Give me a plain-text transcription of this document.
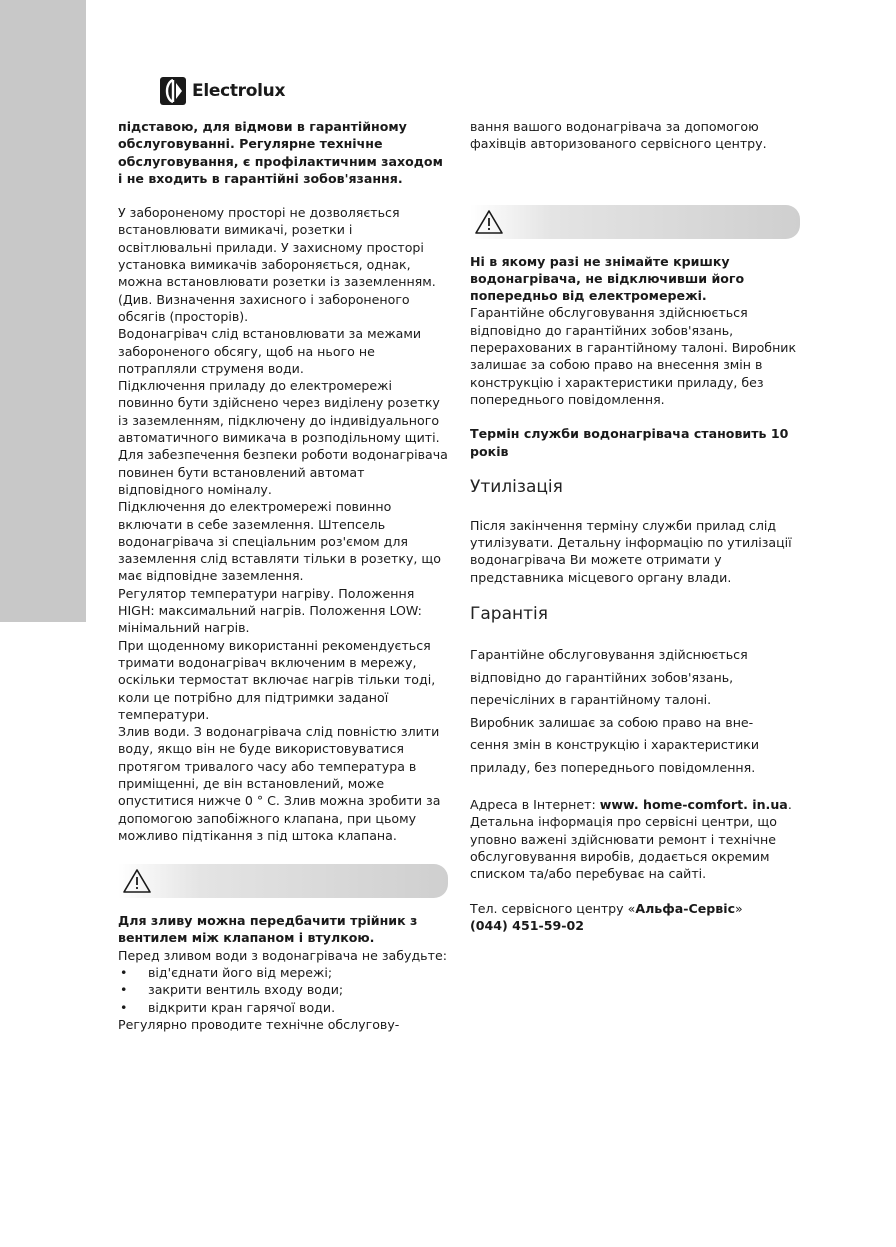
Electrolux

підставою, для відмови в гарантійному обслуговуванні. Регулярне технічне обслуговування, є профілактичним заходом і не входить в гарантійні зобов'язання.

У забороненому просторі не дозволяється встановлювати вимикачі, розетки і освітлювальні прилади. У захисному просторі установка вимикачів забороняється, однак, можна встановлювати розетки із заземленням. (Див. Визначення захисного і забороненого обсягів (просторів).

Водонагрівач слід встановлювати за межами забороненого обсягу, щоб на нього не потрапляли струменя води.

Підключення приладу до електромережі повинно бути здійснено через виділену розетку із заземленням, підключену до індивідуального автоматичного вимикача в розподільному щиті.

Для забезпечення безпеки роботи водонагрівача повинен бути встановлений автомат відповідного номіналу.

Підключення до електромережі повинно включати в себе заземлення. Штепсель водонагрівача зі спеціальним роз'ємом для заземлення слід вставляти тільки в розетку, що має відповідне заземлення.

Регулятор температури нагріву. Положення HIGH: максимальний нагрів. Положення LOW: мінімальний нагрів.

При щоденному використанні рекомендується тримати водонагрівач включеним в мережу, оскільки термостат включає нагрів тільки тоді, коли це потрібно для підтримки заданої температури.

Злив води. З водонагрівача слід повністю злити воду, якщо він не буде використовуватися протягом тривалого часу або температура в приміщенні, де він встановлений, може опуститися нижче 0 ° С. Злив можна зробити за допомогою запобіжного клапана, при цьому можливо підтікання з під штока клапана.

Для зливу можна передбачити трійник з вентилем між клапаном і втулкою.

Перед зливом води з водонагрівача не забудьте:

• від'єднати його від мережі;
• закрити вентиль входу води;
• відкрити кран гарячої води.

Регулярно проводите технічне обслугову-

вання вашого водонагрівача за допомогою фахівців авторизованого сервісного центру.

Ні в якому разі не знімайте кришку водонагрівача, не відключивши його попередньо від електромережі.

Гарантійне обслуговування здійснюється відповідно до гарантійних зобов'язань, перерахованих в гарантійному талоні. Виробник залишає за собою право на внесення змін в конструкцію і характеристики приладу, без попереднього повідомлення.

Термін служби водонагрівача становить 10 років

Утилізація

Після закінчення терміну служби прилад слід утилізувати. Детальну інформацію по утилізації водонагрівача Ви можете отримати у представника місцевого органу влади.

Гарантія

Гарантійне обслуговування здійснюється

відповідно до гарантійних зобов'язань,

перечісліних в гарантійному талоні.

Виробник залишає за собою право на вне-

сення змін в конструкцію і характеристики

приладу, без попереднього повідомлення.

Адреса в Інтернет: www. home-comfort. in.ua. Детальна інформація про сервісні центри, що уповно важені здійснювати ремонт і технічне обслуговування виробів, додається окремим списком та/або перебуває на сайті.

Тел. сервісного центру «Альфа-Сервіс»

(044) 451-59-02
